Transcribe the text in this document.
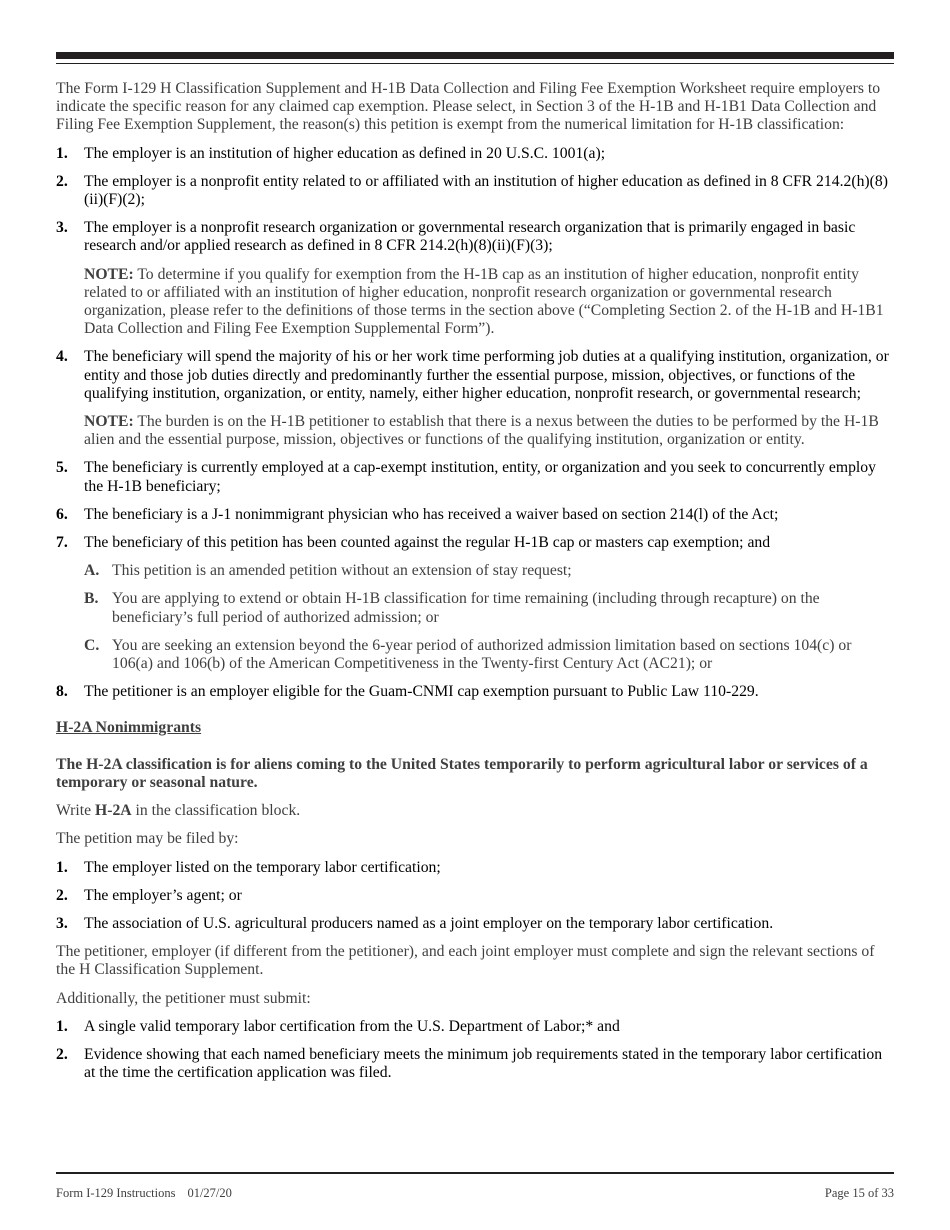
The Form I-129 H Classification Supplement and H-1B Data Collection and Filing Fee Exemption Worksheet require employers to indicate the specific reason for any claimed cap exemption. Please select, in Section 3 of the H-1B and H-1B1 Data Collection and Filing Fee Exemption Supplement, the reason(s) this petition is exempt from the numerical limitation for H-1B classification:

1.	The employer is an institution of higher education as defined in 20 U.S.C. 1001(a);
2.	The employer is a nonprofit entity related to or affiliated with an institution of higher education as defined in 8 CFR 214.2(h)(8)(ii)(F)(2);
3.	The employer is a nonprofit research organization or governmental research organization that is primarily engaged in basic research and/or applied research as defined in 8 CFR 214.2(h)(8)(ii)(F)(3);

NOTE: To determine if you qualify for exemption from the H-1B cap as an institution of higher education, nonprofit entity related to or affiliated with an institution of higher education, nonprofit research organization or governmental research organization, please refer to the definitions of those terms in the section above (“Completing Section 2. of the H-1B and H-1B1 Data Collection and Filing Fee Exemption Supplemental Form”).

4.	The beneficiary will spend the majority of his or her work time performing job duties at a qualifying institution, organization, or entity and those job duties directly and predominantly further the essential purpose, mission, objectives, or functions of the qualifying institution, organization, or entity, namely, either higher education, nonprofit research, or governmental research;

NOTE: The burden is on the H-1B petitioner to establish that there is a nexus between the duties to be performed by the H-1B alien and the essential purpose, mission, objectives or functions of the qualifying institution, organization or entity.

5.	The beneficiary is currently employed at a cap-exempt institution, entity, or organization and you seek to concurrently employ the H-1B beneficiary;
6.	The beneficiary is a J-1 nonimmigrant physician who has received a waiver based on section 214(l) of the Act;
7.	The beneficiary of this petition has been counted against the regular H-1B cap or masters cap exemption; and
A. This petition is an amended petition without an extension of stay request;
B. You are applying to extend or obtain H-1B classification for time remaining (including through recapture) on the beneficiary’s full period of authorized admission; or
C. You are seeking an extension beyond the 6-year period of authorized admission limitation based on sections 104(c) or 106(a) and 106(b) of the American Competitiveness in the Twenty-first Century Act (AC21); or
8.	The petitioner is an employer eligible for the Guam-CNMI cap exemption pursuant to Public Law 110-229.

H-2A Nonimmigrants

The H-2A classification is for aliens coming to the United States temporarily to perform agricultural labor or services of a temporary or seasonal nature.

Write H-2A in the classification block.

The petition may be filed by:

1.	The employer listed on the temporary labor certification;
2.	The employer’s agent; or
3.	The association of U.S. agricultural producers named as a joint employer on the temporary labor certification.

The petitioner, employer (if different from the petitioner), and each joint employer must complete and sign the relevant sections of the H Classification Supplement.

Additionally, the petitioner must submit:

1.	A single valid temporary labor certification from the U.S. Department of Labor;* and
2.	Evidence showing that each named beneficiary meets the minimum job requirements stated in the temporary labor certification at the time the certification application was filed.
Form I-129 Instructions 01/27/20	Page 15 of 33
